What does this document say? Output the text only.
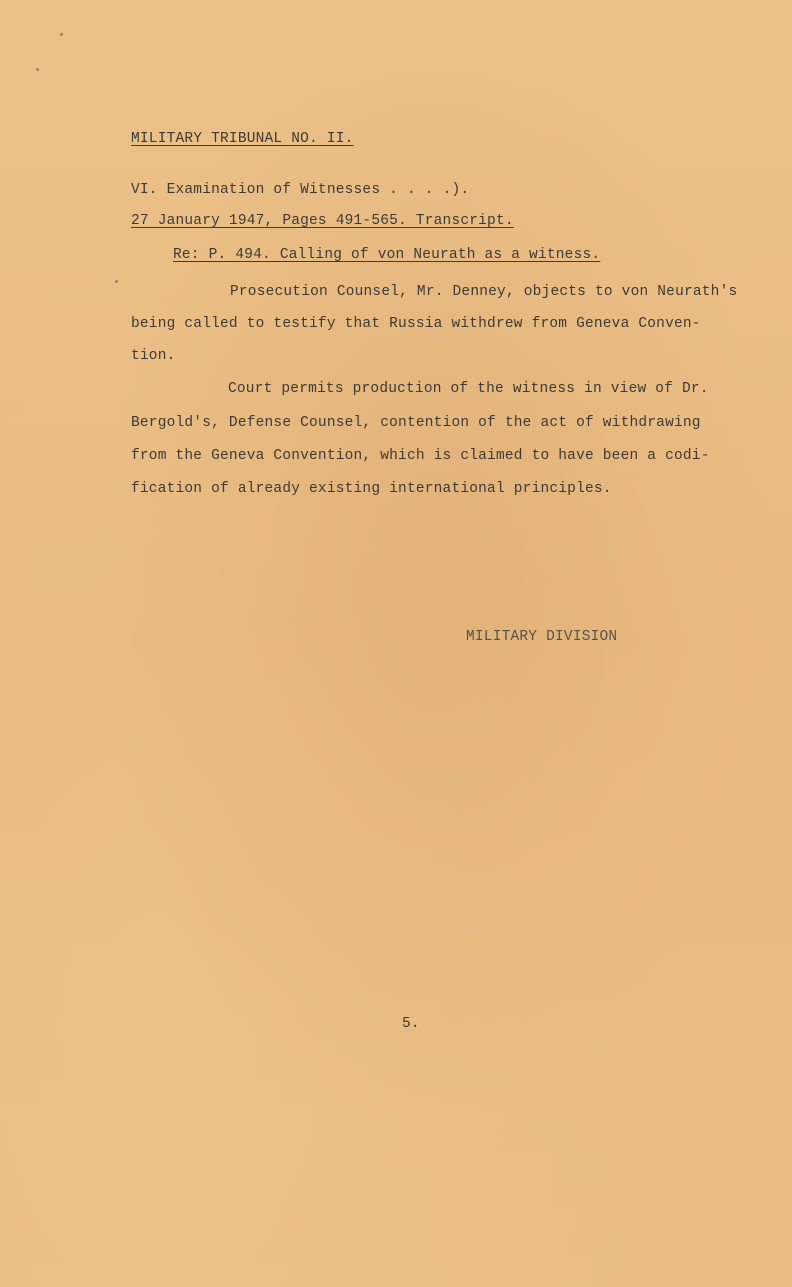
MILITARY TRIBUNAL NO. II.
VI. Examination of Witnesses . . . .).
27 January 1947, Pages 491-565. Transcript.
Re: P. 494. Calling of von Neurath as a witness.
Prosecution Counsel, Mr. Denney, objects to von Neurath's
being called to testify that Russia withdrew from Geneva Conven-
tion.
Court permits production of the witness in view of Dr.
Bergold's, Defense Counsel, contention of the act of withdrawing
from the Geneva Convention, which is claimed to have been a codi-
fication of already existing international principles.
MILITARY DIVISION
5.
